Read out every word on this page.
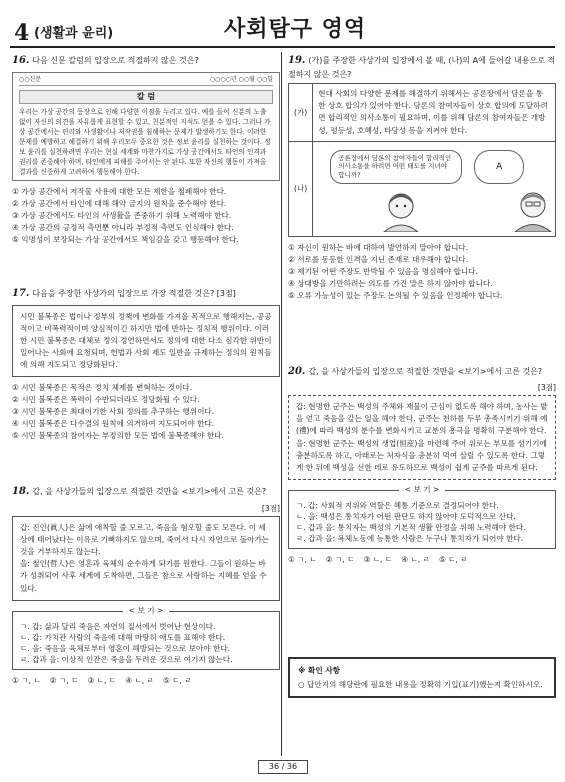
4 (생활과 윤리)	사회탐구 영역
16. 다음 신문 칼럼의 입장으로 적절하지 않은 것은?
○○신문	○○○○년 ○○월 ○○일
칼 럼
우리는 가상 공간의 등장으로 인해 다양한 이점을 누리고 있다. 예를 들어 신분의 노출 없이 자신의 의견을 자유롭게 표현할 수 있고, 친분적인 지식도 얻을 수 있다. 그러나 가상 공간에서는 편리와 사생활이나 저작권을 침해하는 문제가 발생하기도 한다. 이러한 문제를 예방하고 해결하기 위해 우리모두 중요한 것은 정보 윤리를 실천하는 것이다. 정보 윤리를 실천하려면 우리는 현실 세계와 마찬가지로 가상 공간에서도 타인의 인격과 권리를 존중해야 하며, 타인에게 피해를 주어서는 안 된다. 또한 자신의 행동이 가져올 결과를 신중하게 고려하여 행동해야 한다.
① 가상 공간에서 저작물 사용에 대한 모든 제한을 철폐해야 한다.
② 가상 공간에서 타인에 대해 해악 금지의 원칙을 준수해야 한다.
③ 가상 공간에서도 타인의 사생활을 존중하기 위해 노력해야 한다.
④ 가상 공간의 긍정적 측면뿐 아니라 부정적 측면도 인식해야 한다.
⑤ 익명성이 보장되는 가상 공간에서도 책임감을 갖고 행동해야 한다.
17. 다음을 주장한 사상가의 입장으로 가장 적절한 것은? [3점]
시민 불복종은 법이나 정부의 정책에 변화를 가져올 목적으로 행해지는, 공공적이고 비폭력적이며 양심적이긴 하지만 법에 반하는 정치적 행위이다. 이러한 시민 불복종은 대체로 정의 정연하면서도 정의에 대한 다소 심각한 위반이 일어나는 사회에 요청되며, 헌법과 사회 제도 일반을 규제하는 정의의 원칙들에 의해 지도되고 정당화된다.
① 시민 불복종은 목적은 정치 체제를 변혁하는 것이다.
② 시민 불복종은 폭력이 수반되더라도 정당화될 수 있다.
③ 시민 불복종은 최대이기한 사회 정의를 추구하는 행위이다.
④ 시민 불복종은 다수결의 원칙에 의거하여 지도되어야 한다.
⑤ 시민 불복종의 참여자는 부정의한 모든 법에 불복종해야 한다.
18. 갑, 을 사상가들의 입장으로 적절한 것만을 <보기>에서 고른 것은?
[3점]
갑: 진인(眞人)은 삶에 애착할 줄 모르고, 죽음을 혐오할 줄도 모른다. 이 세상에 태어났다는 이유로 기뻐하지도 않으며, 죽어서 다시 자연으로 돌아가는 것을 거부하지도 않는다.
을: 철인(哲人)은 영혼과 육체의 순수하게 되기를 원한다. 그들이 원하는 바가 성취되어 사후 세계에 도착하면, 그들은 참으로 사랑하는 지혜를 얻을 수 있다.
< 보 기 >
ㄱ. 갑: 삶과 달리 죽음은 자연의 질서에서 벗어난 현상이다.
ㄴ. 갑: 가치관 사람의 죽음에 대해 마땅히 애도를 표해야 한다.
ㄷ. 을: 죽음을 육체로부터 영혼이 해방되는 것으로 보아야 한다.
ㄹ. 갑과 을: 이상적 인간은 죽음을 두려운 것으로 여기지 않는다.
① ㄱ, ㄴ ② ㄱ, ㄷ ③ ㄴ, ㄷ ④ ㄴ, ㄹ ⑤ ㄷ, ㄹ
19. (가)를 주장한 사상가의 입장에서 볼 때, (나)의 A에 들어갈 내용으로 적절하지 않은 것은?
(가)	현대 사회의 다양한 문제를 해결하기 위해서는 공론장에서 담론을 통한 상호 합의가 있어야 한다. 담론의 참여자들이 상호 합의에 도달하려면 합리적인 의사소통이 필요하며, 이를 위해 담론의 참여자들은 개방성, 평등성, 호혜성, 타당성 등을 지켜야 한다.
(나)	공론장에서 담론의 참여자들이 합리적인 의사소통을 하려면 어떤 태도를 지녀야 합니까?
A
① 자신이 원하는 바에 대하여 발언하지 말아야 합니다.
② 서로를 동등한 인격을 지닌 존재로 대우해야 합니다.
③ 제기된 어떤 주장도 반박될 수 있음을 명심해야 합니다.
④ 상대방을 기만하려는 의도를 가진 말은 하지 않아야 합니다.
⑤ 오류 가능성이 있는 주장도 논의될 수 있음을 인정해야 합니다.
20. 갑, 을 사상가들의 입장으로 적절한 것만을 <보기>에서 고른 것은?
[3점]
갑: 현명한 군주는 백성의 주체와 재물이 근심이 없도록 해야 하며, 농사는 밭을 얻고 죽음을 갚는 일을 해야 한다. 군주는 천하를 두루 총족시키기 위해 예(禮)에 따라 백성의 분수를 변화시키고 교분의 흥극을 명확히 구분해야 한다.
을: 현명한 군주는 백성의 생업(恒産)을 마련해 주어 위로는 부모를 섬기기에 충분하도록 하고, 아래로는 처자식을 충분히 먹여 살릴 수 있도록 한다. 그렇게 한 뒤에 백성을 선한 데로 유도하므로 백성이 쉽게 군주를 따르게 된다.
< 보 기 >
ㄱ. 갑: 사회적 지위와 역할은 혜통 기준으로 결정되어야 한다.
ㄴ. 을: 백성은 통치자가 어떤 판단도 하지 않아야 도덕적으로 산다.
ㄷ. 갑과 을: 통치자는 백성의 기본적 생활 안정을 위해 노력해야 한다.
ㄹ. 갑과 을: 욕체노동에 능통한 사람은 누구나 통치자가 되어야 한다.
① ㄱ, ㄴ ② ㄱ, ㄷ ③ ㄴ, ㄷ ④ ㄴ, ㄹ ⑤ ㄷ, ㄹ
※ 확인 사항
○ 답안지의 해당란에 필요한 내용을 정확히 기입(표기)했는지 확인하시오.
36 / 36
